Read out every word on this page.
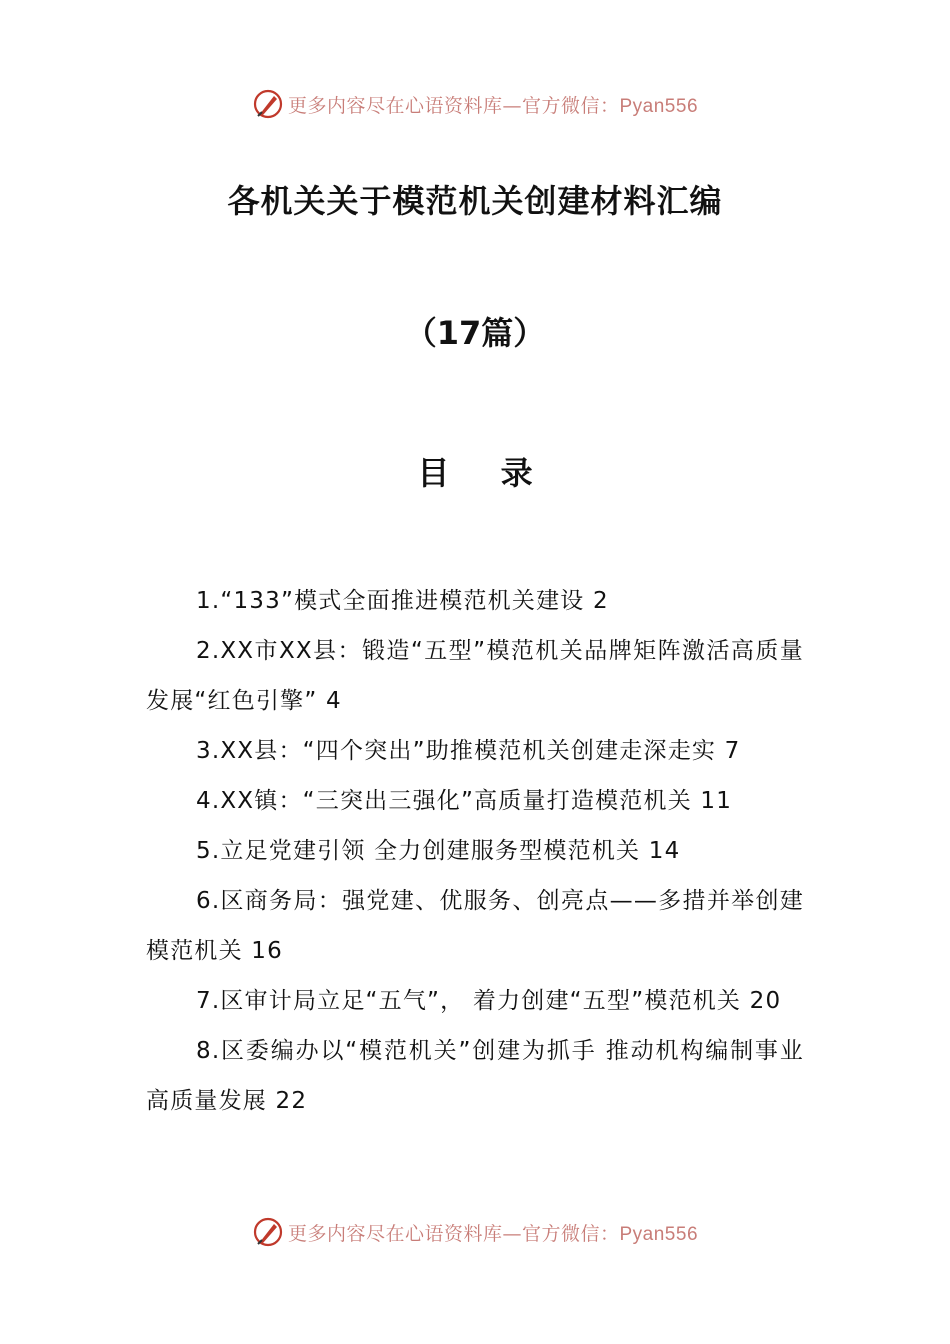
更多内容尽在心语资料库—官方微信：Pyan556
各机关关于模范机关创建材料汇编
（17篇）
目 录
1.“133”模式全面推进模范机关建设 2
2.XX市XX县：锻造“五型”模范机关品牌矩阵激活高质量发展“红色引擎” 4
3.XX县：“四个突出”助推模范机关创建走深走实 7
4.XX镇：“三突出三强化”高质量打造模范机关 11
5.立足党建引领 全力创建服务型模范机关 14
6.区商务局：强党建、优服务、创亮点——多措并举创建模范机关 16
7.区审计局立足“五气”， 着力创建“五型”模范机关 20
8.区委编办以“模范机关”创建为抓手 推动机构编制事业高质量发展 22
更多内容尽在心语资料库—官方微信：Pyan556
